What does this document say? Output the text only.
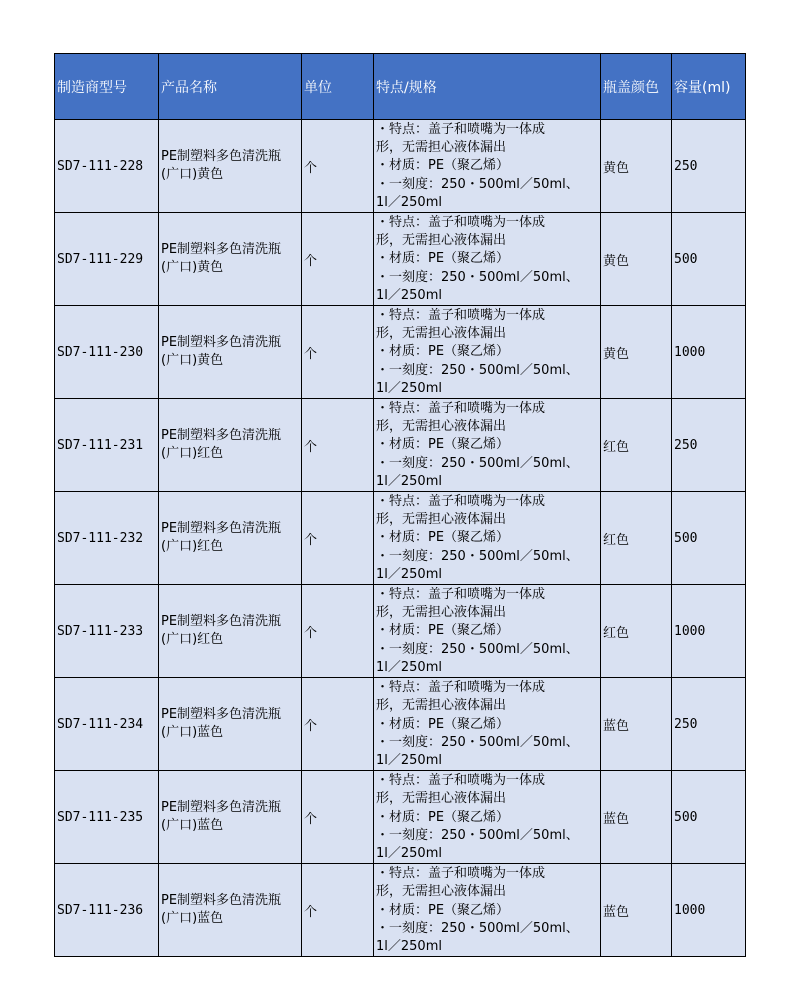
制造商型号	产品名称	单位	特点/规格	瓶盖颜色	容量(ml)
SD7-111-228	PE制塑料多色清洗瓶(广口)黄色	个	・特点：盖子和喷嘴为一体成
形，无需担心液体漏出
・材质：PE（聚乙烯）
・一刻度：250・500ml／50ml、
1l／250ml	黄色	250
SD7-111-229	PE制塑料多色清洗瓶(广口)黄色	个	・特点：盖子和喷嘴为一体成
形，无需担心液体漏出
・材质：PE（聚乙烯）
・一刻度：250・500ml／50ml、
1l／250ml	黄色	500
SD7-111-230	PE制塑料多色清洗瓶(广口)黄色	个	・特点：盖子和喷嘴为一体成
形，无需担心液体漏出
・材质：PE（聚乙烯）
・一刻度：250・500ml／50ml、
1l／250ml	黄色	1000
SD7-111-231	PE制塑料多色清洗瓶(广口)红色	个	・特点：盖子和喷嘴为一体成
形，无需担心液体漏出
・材质：PE（聚乙烯）
・一刻度：250・500ml／50ml、
1l／250ml	红色	250
SD7-111-232	PE制塑料多色清洗瓶(广口)红色	个	・特点：盖子和喷嘴为一体成
形，无需担心液体漏出
・材质：PE（聚乙烯）
・一刻度：250・500ml／50ml、
1l／250ml	红色	500
SD7-111-233	PE制塑料多色清洗瓶(广口)红色	个	・特点：盖子和喷嘴为一体成
形，无需担心液体漏出
・材质：PE（聚乙烯）
・一刻度：250・500ml／50ml、
1l／250ml	红色	1000
SD7-111-234	PE制塑料多色清洗瓶(广口)蓝色	个	・特点：盖子和喷嘴为一体成
形，无需担心液体漏出
・材质：PE（聚乙烯）
・一刻度：250・500ml／50ml、
1l／250ml	蓝色	250
SD7-111-235	PE制塑料多色清洗瓶(广口)蓝色	个	・特点：盖子和喷嘴为一体成
形，无需担心液体漏出
・材质：PE（聚乙烯）
・一刻度：250・500ml／50ml、
1l／250ml	蓝色	500
SD7-111-236	PE制塑料多色清洗瓶(广口)蓝色	个	・特点：盖子和喷嘴为一体成
形，无需担心液体漏出
・材质：PE（聚乙烯）
・一刻度：250・500ml／50ml、
1l／250ml	蓝色	1000
